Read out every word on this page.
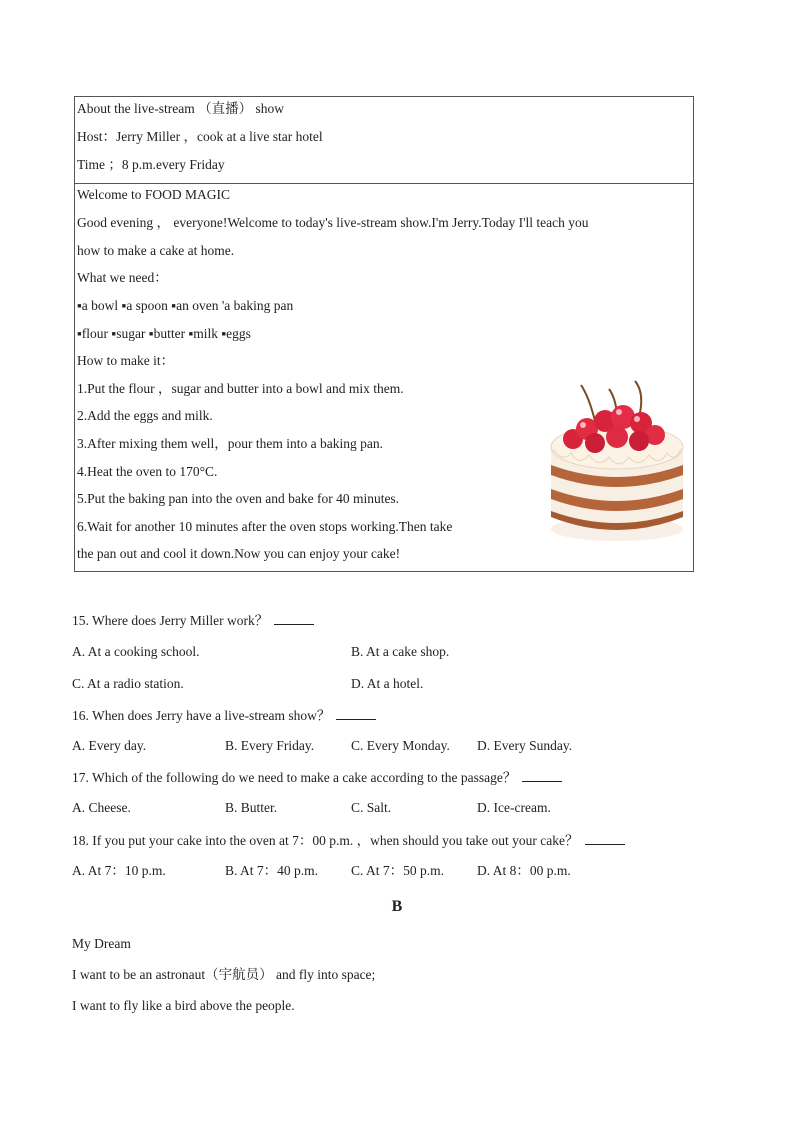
About the live-stream （直播） show
Host：Jerry Miller ，cook at a live star hotel
Time ；8 p.m.every Friday
Welcome to FOOD MAGIC
Good evening ， everyone!Welcome to today's live-stream show.I'm Jerry.Today I'll teach you
how to make a cake at home.
What we need：
▪a bowl ▪a spoon ▪an oven 'a baking pan
▪flour ▪sugar ▪butter ▪milk ▪eggs
How to make it：
1.Put the flour ，sugar and butter into a bowl and mix them.
2.Add the eggs and milk.
3.After mixing them well，pour them into a baking pan.
4.Heat the oven to 170°C.
5.Put the baking pan into the oven and bake for 40 minutes.
6.Wait for another 10 minutes after the oven stops working.Then take
the pan out and cool it down.Now you can enjoy your cake!
15. Where does Jerry Miller work？
A. At a cooking school.	B. At a cake shop.
C. At a radio station.	D. At a hotel.
16. When does Jerry have a live-stream show？
A. Every day.	B. Every Friday.	C. Every Monday. D. Every Sunday.
17. Which of the following do we need to make a cake according to the passage？
A. Cheese.	B. Butter.	C. Salt.	D. Ice-cream.
18. If you put your cake into the oven at 7：00 p.m. ，when should you take out your cake？
A. At 7：10 p.m.	B. At 7：40 p.m. C. At 7：50 p.m. D. At 8：00 p.m.
B
My Dream
I want to be an astronaut（宇航员） and fly into space;
I want to fly like a bird above the people.
